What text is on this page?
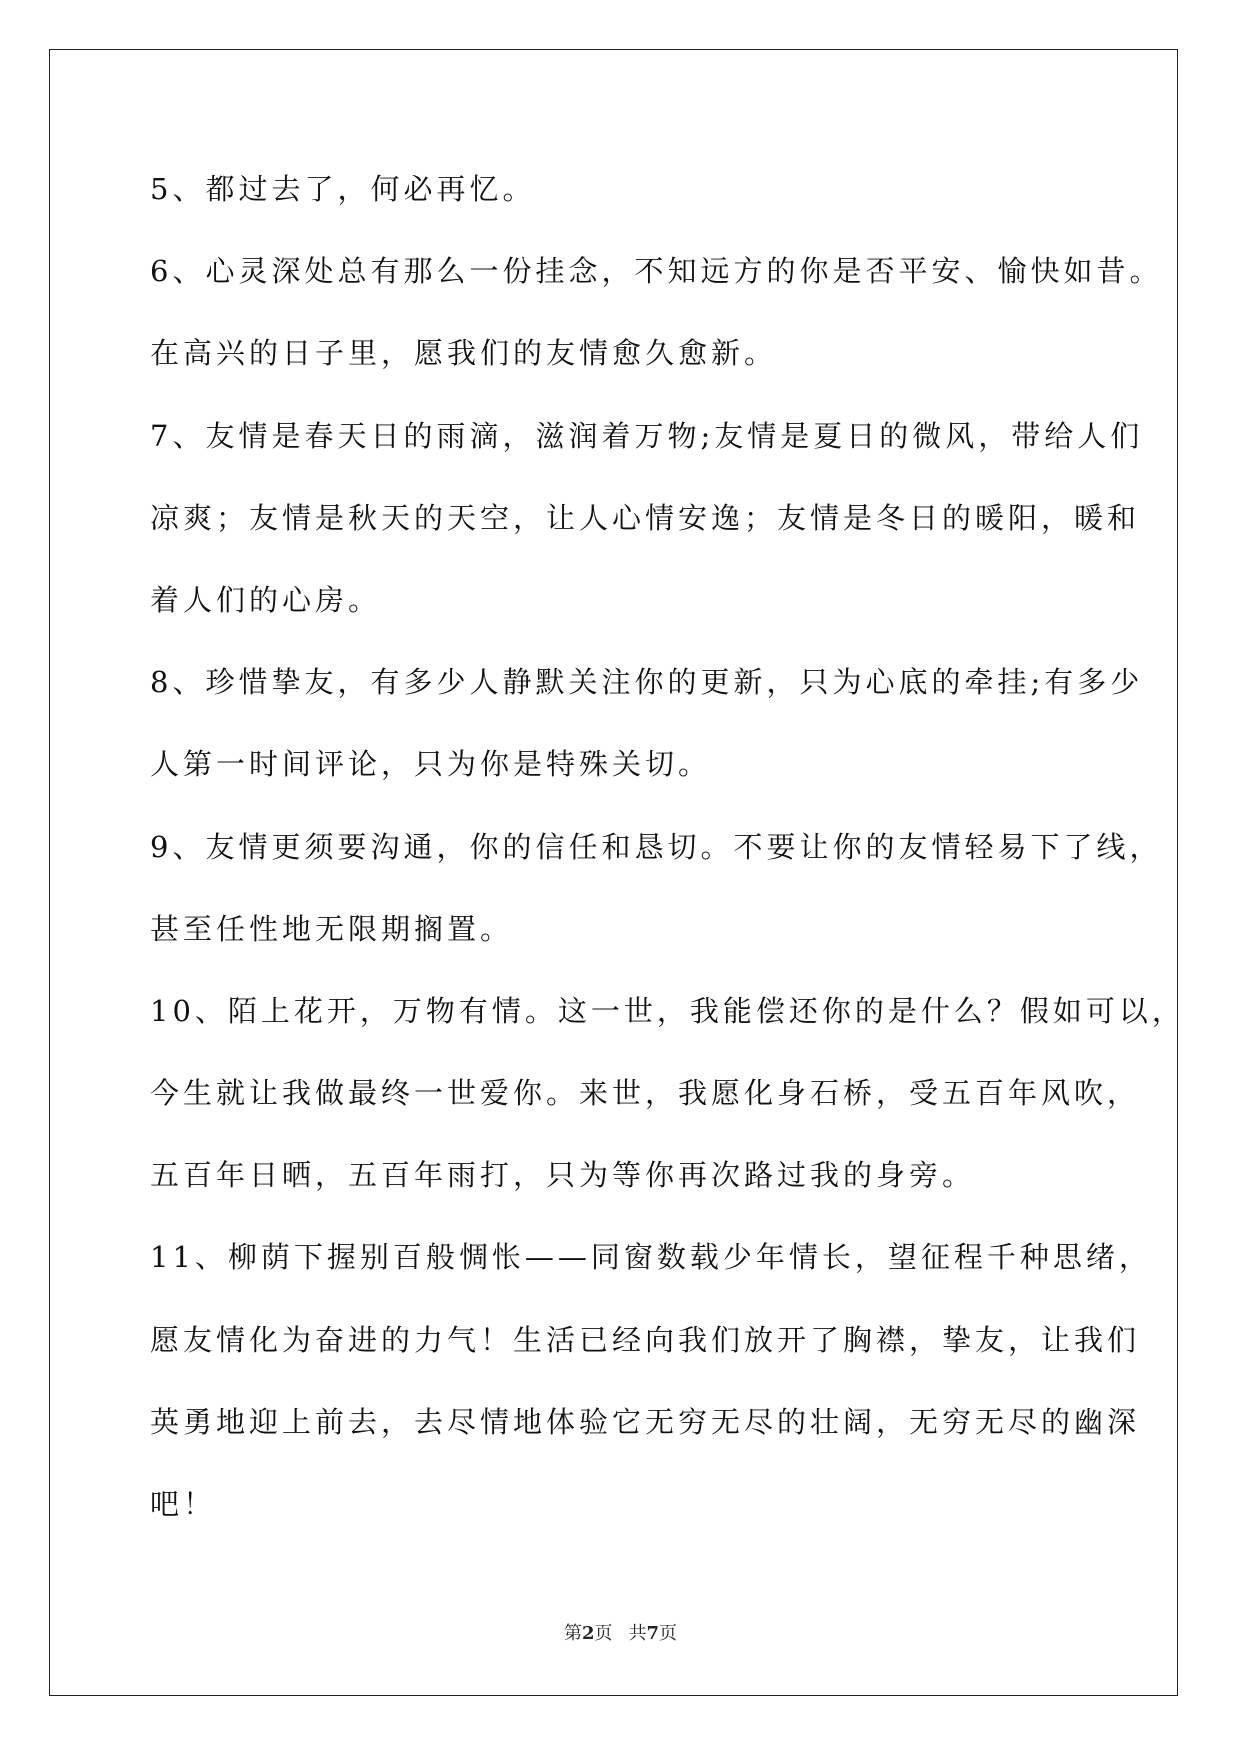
5、都过去了，何必再忆。
6、心灵深处总有那么一份挂念，不知远方的你是否平安、愉快如昔。
在高兴的日子里，愿我们的友情愈久愈新。
7、友情是春天日的雨滴，滋润着万物;友情是夏日的微风，带给人们
凉爽；友情是秋天的天空，让人心情安逸；友情是冬日的暖阳，暖和
着人们的心房。
8、珍惜挚友，有多少人静默关注你的更新，只为心底的牵挂;有多少
人第一时间评论，只为你是特殊关切。
9、友情更须要沟通，你的信任和恳切。不要让你的友情轻易下了线，
甚至任性地无限期搁置。
10、陌上花开，万物有情。这一世，我能偿还你的是什么？假如可以，
今生就让我做最终一世爱你。来世，我愿化身石桥，受五百年风吹，
五百年日晒，五百年雨打，只为等你再次路过我的身旁。
11、柳荫下握别百般惆怅——同窗数载少年情长，望征程千种思绪，
愿友情化为奋进的力气！生活已经向我们放开了胸襟，挚友，让我们
英勇地迎上前去，去尽情地体验它无穷无尽的壮阔，无穷无尽的幽深
吧！
第2页 共7页
